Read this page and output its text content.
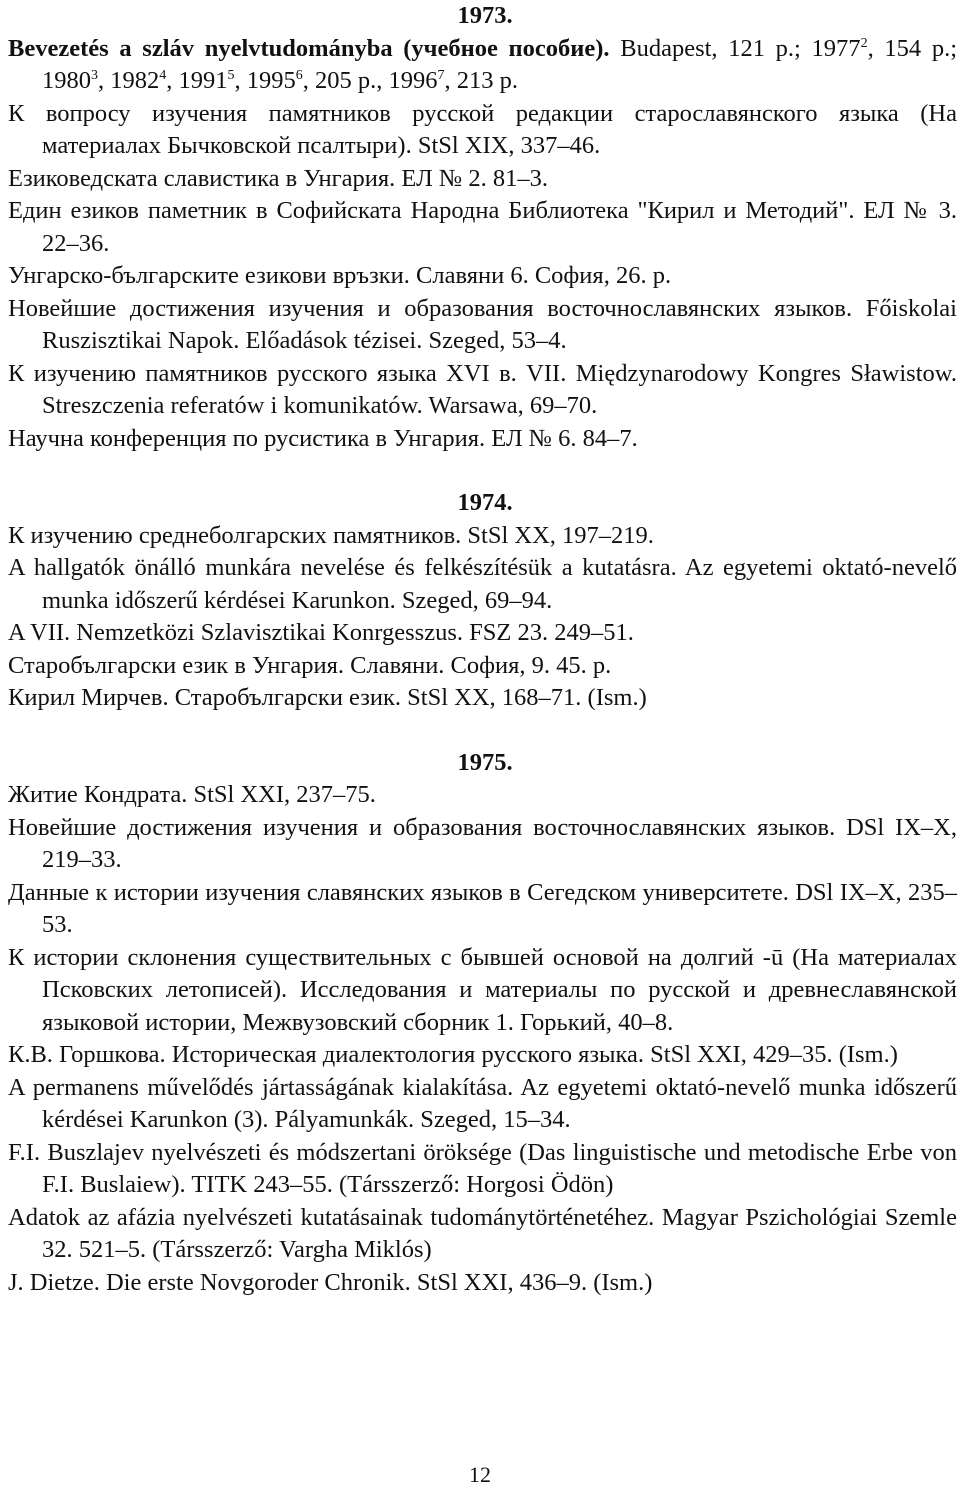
1973.
Bevezetés a szláv nyelvtudományba (учебное пособие). Budapest, 121 p.; 1977$^2$, 154 p.; 1980$^3$, 1982$^4$, 1991$^5$, 1995$^6$, 205 p., 1996$^7$, 213 p.
К вопросу изучения памятников русской редакции старославянского языка (На материалах Бычковской псалтыри). StSl XIX, 337–46.
Езиковедската славистика в Унгария. ЕЛ № 2. 81–3.
Един езиков паметник в Софийската Народна Библиотека "Кирил и Методий". ЕЛ № 3. 22–36.
Унгарско-българските езикови връзки. Славяни 6. София, 26. p.
Новейшие достижения изучения и образования восточнославянских языков. Főiskolai Ruszisztikai Napok. Előadások tézisei. Szeged, 53–4.
К изучению памятников русского языка XVI в. VII. Międzynarodowy Kongres Sławistow. Streszczenia referatów i komunikatów. Warsawa, 69–70.
Научна конференция по русистика в Унгария. ЕЛ № 6. 84–7.
1974.
К изучению среднеболгарских памятников. StSl XX, 197–219.
A hallgatók önálló munkára nevelése és felkészítésük a kutatásra. Az egyetemi oktató-nevelő munka időszerű kérdései Karunkon. Szeged, 69–94.
A VII. Nemzetközi Szlavisztikai Konrgesszus. FSZ 23. 249–51.
Старобългарски език в Унгария. Славяни. София, 9. 45. p.
Кирил Мирчев. Старобългарски език. StSl XX, 168–71. (Ism.)
1975.
Житие Кондрата. StSl XXI, 237–75.
Новейшие достижения изучения и образования восточнославянских языков. DSl IX–X, 219–33.
Данные к истории изучения славянских языков в Сегедском университете. DSl IX–X, 235–53.
К истории склонения существительных с бывшей основой на долгий -ū (На материалах Псковских летописей). Исследования и материалы по русской и древнеславянской языковой истории, Межвузовский сборник 1. Горький, 40–8.
К.В. Горшкова. Историческая диалектология русского языка. StSl XXI, 429–35. (Ism.)
A permanens művelődés jártasságának kialakítása. Az egyetemi oktató-nevelő munka időszerű kérdései Karunkon (3). Pályamunkák. Szeged, 15–34.
F.I. Buszlajev nyelvészeti és módszertani öröksége (Das linguistische und metodische Erbe von F.I. Buslaiew). TITK 243–55. (Társszerző: Horgosi Ödön)
Adatok az afázia nyelvészeti kutatásainak tudománytörténetéhez. Magyar Pszichológiai Szemle 32. 521–5. (Társszerző: Vargha Miklós)
J. Dietze. Die erste Novgoroder Chronik. StSl XXI, 436–9. (Ism.)
12
